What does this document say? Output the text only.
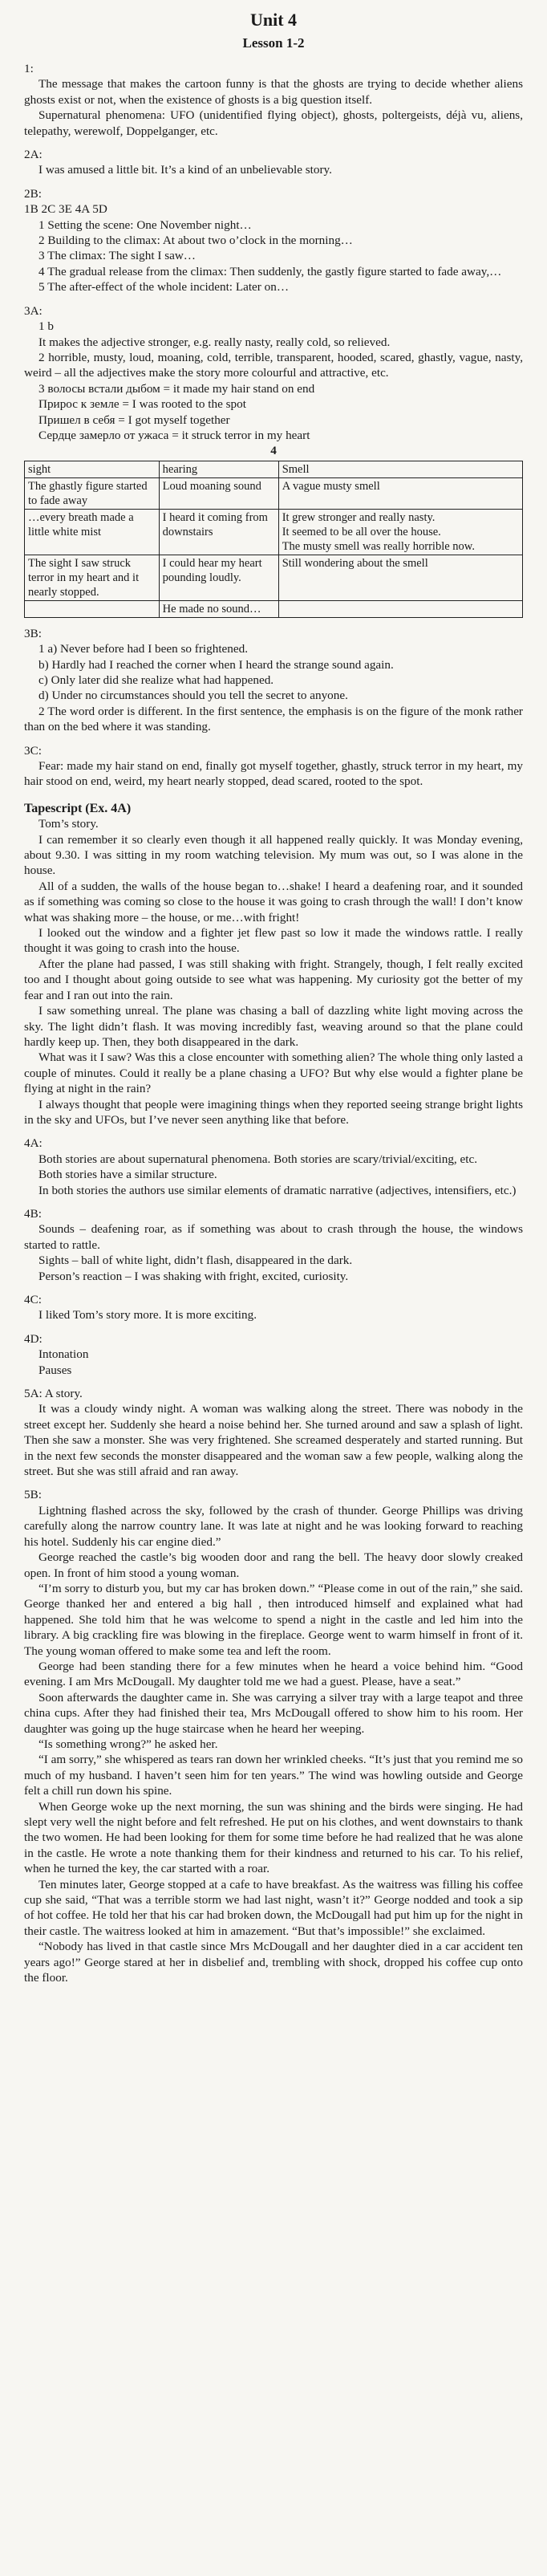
Unit 4
Lesson 1-2
1:

The message that makes the cartoon funny is that the ghosts are trying to decide whether aliens ghosts exist or not, when the existence of ghosts is a big question itself.

Supernatural phenomena: UFO (unidentified flying object), ghosts, poltergeists, déjà vu, aliens, telepathy, werewolf, Doppelganger, etc.

2A:

I was amused a little bit. It’s a kind of an unbelievable story.

2B:

1B 2C 3E 4A 5D

1 Setting the scene: One November night…

2 Building to the climax: At about two o’clock in the morning…

3 The climax: The sight I saw…

4 The gradual release from the climax: Then suddenly, the gastly figure started to fade away,…

5 The after-effect of the whole incident: Later on…

3A:

1 b

It makes the adjective stronger, e.g. really nasty, really cold, so relieved.

2 horrible, musty, loud, moaning, cold, terrible, transparent, hooded, scared, ghastly, vague, nasty, weird – all the adjectives make the story more colourful and attractive, etc.

3 волосы встали дыбом = it made my hair stand on end

Прирос к земле = I was rooted to the spot

Пришел в себя = I got myself together

Сердце замерло от ужаса = it struck terror in my heart

4
sight	hearing	Smell
The ghastly figure started to fade away	Loud moaning sound	A vague musty smell
…every breath made a little white mist	I heard it coming from downstairs	It grew stronger and really nasty.
It seemed to be all over the house.
The musty smell was really horrible now.
The sight I saw struck terror in my heart and it nearly stopped.	I could hear my heart pounding loudly.	Still wondering about the smell
	He made no sound…	
3B:

1 a) Never before had I been so frightened.

b) Hardly had I reached the corner when I heard the strange sound again.

c) Only later did she realize what had happened.

d) Under no circumstances should you tell the secret to anyone.

2 The word order is different. In the first sentence, the emphasis is on the figure of the monk rather than on the bed where it was standing.

3C:

Fear: made my hair stand on end, finally got myself together, ghastly, struck terror in my heart, my hair stood on end, weird, my heart nearly stopped, dead scared, rooted to the spot.

Tapescript (Ex. 4A)

Tom’s story.

I can remember it so clearly even though it all happened really quickly. It was Monday evening, about 9.30. I was sitting in my room watching television. My mum was out, so I was alone in the house.

All of a sudden, the walls of the house began to…shake! I heard a deafening roar, and it sounded as if something was coming so close to the house it was going to crash through the wall! I don’t know what was shaking more – the house, or me…with fright!

I looked out the window and a fighter jet flew past so low it made the windows rattle. I really thought it was going to crash into the house.

After the plane had passed, I was still shaking with fright. Strangely, though, I felt really excited too and I thought about going outside to see what was happening. My curiosity got the better of my fear and I ran out into the rain.

I saw something unreal. The plane was chasing a ball of dazzling white light moving across the sky. The light didn’t flash. It was moving incredibly fast, weaving around so that the plane could hardly keep up. Then, they both disappeared in the dark.

What was it I saw? Was this a close encounter with something alien? The whole thing only lasted a couple of minutes. Could it really be a plane chasing a UFO? But why else would a fighter plane be flying at night in the rain?

I always thought that people were imagining things when they reported seeing strange bright lights in the sky and UFOs, but I’ve never seen anything like that before.

4A:

Both stories are about supernatural phenomena. Both stories are scary/trivial/exciting, etc.

Both stories have a similar structure.

In both stories the authors use similar elements of dramatic narrative (adjectives, intensifiers, etc.)

4B:

Sounds – deafening roar, as if something was about to crash through the house, the windows started to rattle.

Sights – ball of white light, didn’t flash, disappeared in the dark.

Person’s reaction – I was shaking with fright, excited, curiosity.

4C:

I liked Tom’s story more. It is more exciting.

4D:

Intonation

Pauses

5A: A story.

It was a cloudy windy night. A woman was walking along the street. There was nobody in the street except her. Suddenly she heard a noise behind her. She turned around and saw a splash of light. Then she saw a monster. She was very frightened. She screamed desperately and started running. But in the next few seconds the monster disappeared and the woman saw a few people, walking along the street. But she was still afraid and ran away.

5B:

Lightning flashed across the sky, followed by the crash of thunder. George Phillips was driving carefully along the narrow country lane. It was late at night and he was looking forward to reaching his hotel. Suddenly his car engine died.”

George reached the castle’s big wooden door and rang the bell. The heavy door slowly creaked open. In front of him stood a young woman.

“I’m sorry to disturb you, but my car has broken down.” “Please come in out of the rain,” she said. George thanked her and entered a big hall , then introduced himself and explained what had happened. She told him that he was welcome to spend a night in the castle and led him into the library. A big crackling fire was blowing in the fireplace. George went to warm himself in front of it. The young woman offered to make some tea and left the room.

George had been standing there for a few minutes when he heard a voice behind him. “Good evening. I am Mrs McDougall. My daughter told me we had a guest. Please, have a seat.”

Soon afterwards the daughter came in. She was carrying a silver tray with a large teapot and three china cups. After they had finished their tea, Mrs McDougall offered to show him to his room. Her daughter was going up the huge staircase when he heard her weeping.

“Is something wrong?” he asked her.

“I am sorry,” she whispered as tears ran down her wrinkled cheeks. “It’s just that you remind me so much of my husband. I haven’t seen him for ten years.” The wind was howling outside and George felt a chill run down his spine.

When George woke up the next morning, the sun was shining and the birds were singing. He had slept very well the night before and felt refreshed. He put on his clothes, and went downstairs to thank the two women. He had been looking for them for some time before he had realized that he was alone in the castle. He wrote a note thanking them for their kindness and returned to his car. To his relief, when he turned the key, the car started with a roar.

Ten minutes later, George stopped at a cafe to have breakfast. As the waitress was filling his coffee cup she said, “That was a terrible storm we had last night, wasn’t it?” George nodded and took a sip of hot coffee. He told her that his car had broken down, the McDougall had put him up for the night in their castle. The waitress looked at him in amazement. “But that’s impossible!” she exclaimed.

“Nobody has lived in that castle since Mrs McDougall and her daughter died in a car accident ten years ago!” George stared at her in disbelief and, trembling with shock, dropped his coffee cup onto the floor.
